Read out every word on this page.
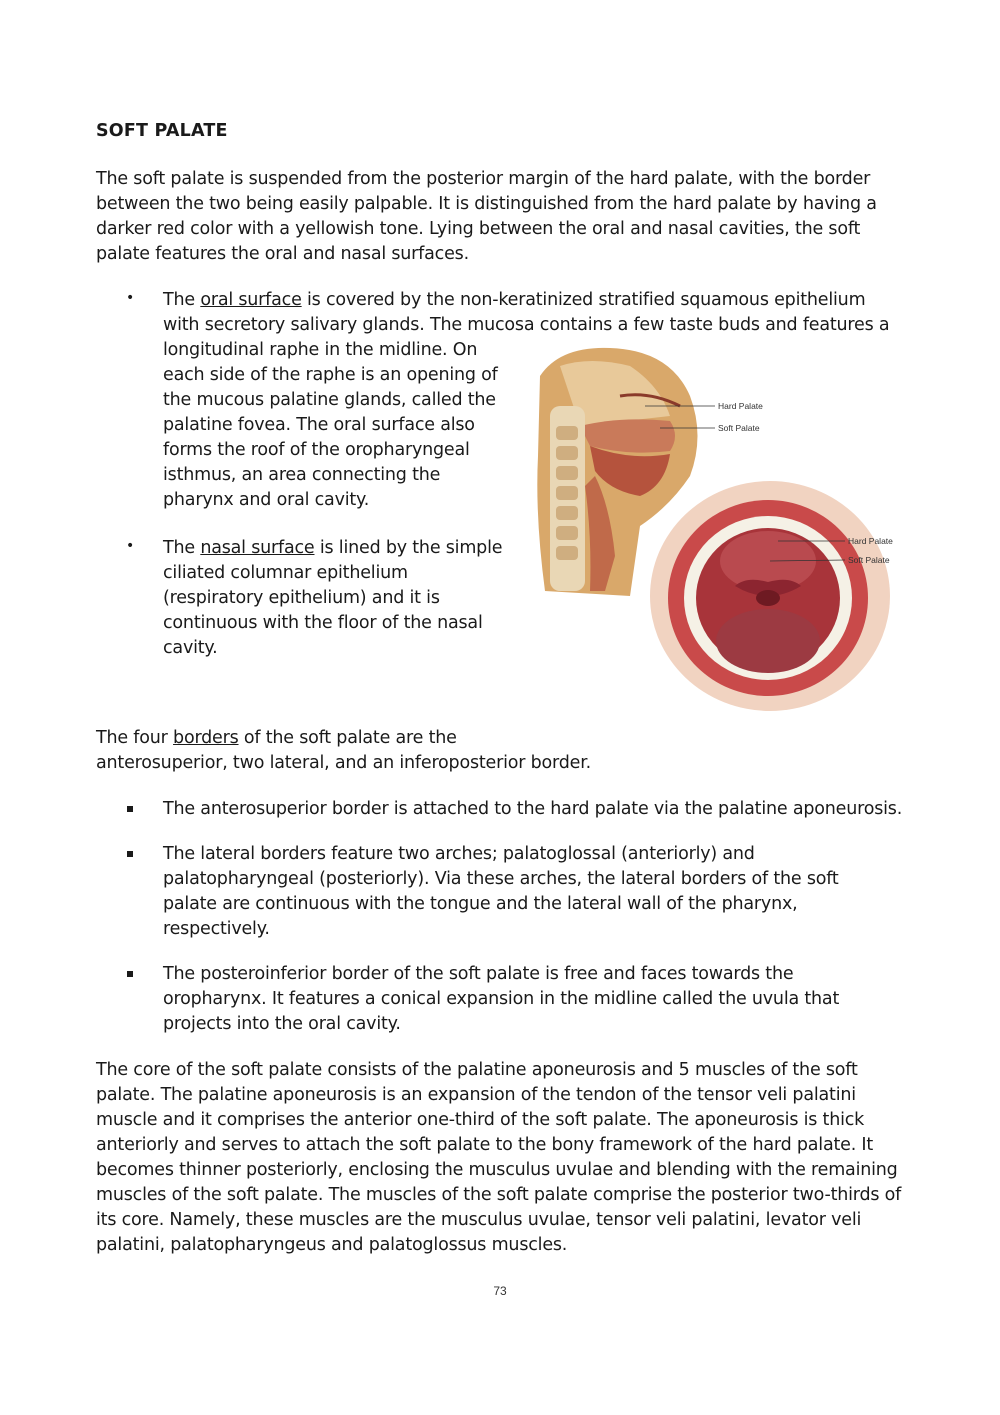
SOFT PALATE

The soft palate is suspended from the posterior margin of the hard palate, with the border between the two being easily palpable. It is distinguished from the hard palate by having a darker red color with a yellowish tone. Lying between the oral and nasal cavities, the soft palate features the oral and nasal surfaces.

• The oral surface is covered by the non-keratinized stratified squamous epithelium
with secretory salivary glands. The mucosa contains a few taste buds and features a

longitudinal raphe in the midline. On each side of the raphe is an opening of the mucous palatine glands, called the palatine fovea. The oral surface also forms the roof of the oropharyngeal isthmus, an area connecting the pharynx and oral cavity.

• The nasal surface is lined by the simple
ciliated columnar epithelium (respiratory epithelium) and it is continuous with the floor of the nasal cavity.
Hard Palate
Soft Palate
Hard Palate
Soft Palate
The four borders of the soft palate are the
anterosuperior, two lateral, and an inferoposterior border.

The anterosuperior border is attached to the hard palate via the palatine aponeurosis.

The lateral borders feature two arches; palatoglossal (anteriorly) and palatopharyngeal (posteriorly). Via these arches, the lateral borders of the soft palate are continuous with the tongue and the lateral wall of the pharynx, respectively.

The posteroinferior border of the soft palate is free and faces towards the oropharynx. It features a conical expansion in the midline called the uvula that projects into the oral cavity.

The core of the soft palate consists of the palatine aponeurosis and 5 muscles of the soft palate. The palatine aponeurosis is an expansion of the tendon of the tensor veli palatini muscle and it comprises the anterior one-third of the soft palate. The aponeurosis is thick anteriorly and serves to attach the soft palate to the bony framework of the hard palate. It becomes thinner posteriorly, enclosing the musculus uvulae and blending with the remaining muscles of the soft palate. The muscles of the soft palate comprise the posterior two-thirds of its core. Namely, these muscles are the musculus uvulae, tensor veli palatini, levator veli palatini, palatopharyngeus and palatoglossus muscles.

73
